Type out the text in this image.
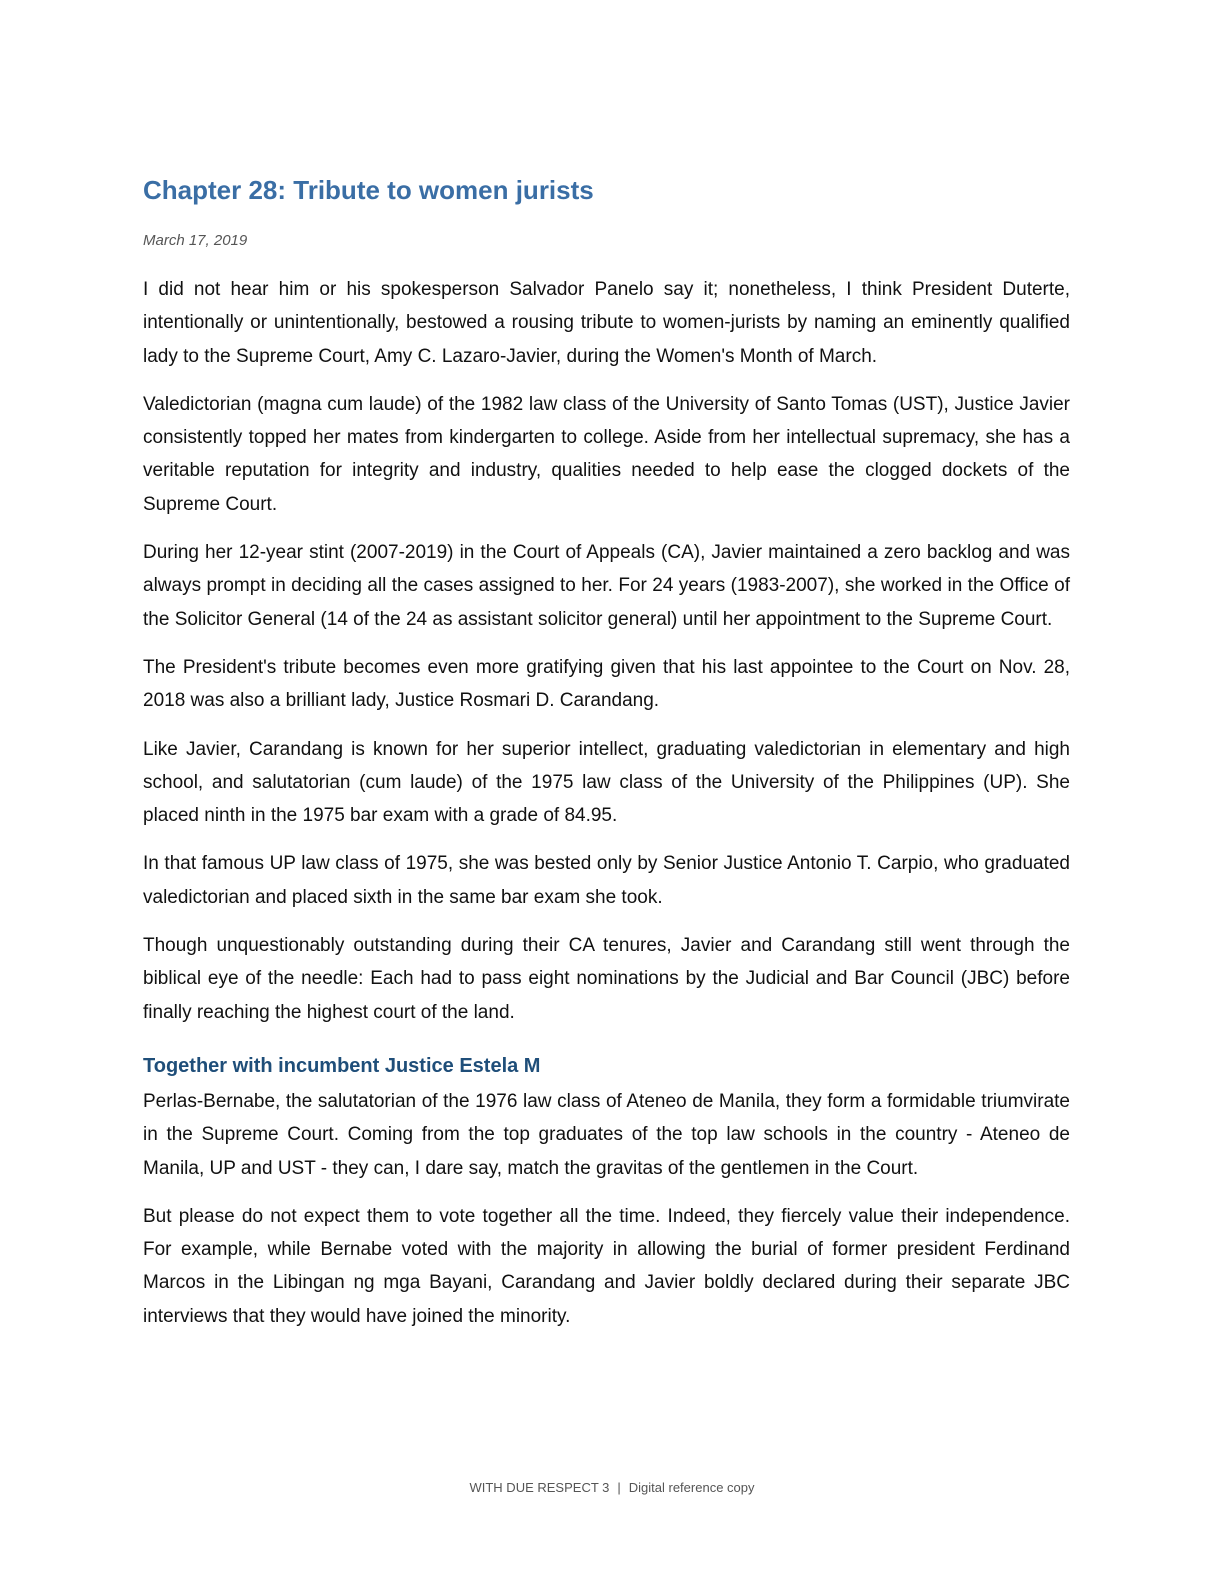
Chapter 28: Tribute to women jurists
March 17, 2019

I did not hear him or his spokesperson Salvador Panelo say it; nonetheless, I think President Duterte, intentionally or unintentionally, bestowed a rousing tribute to women-jurists by naming an eminently qualified lady to the Supreme Court, Amy C. Lazaro-Javier, during the Women's Month of March.

Valedictorian (magna cum laude) of the 1982 law class of the University of Santo Tomas (UST), Justice Javier consistently topped her mates from kindergarten to college. Aside from her intellectual supremacy, she has a veritable reputation for integrity and industry, qualities needed to help ease the clogged dockets of the Supreme Court.

During her 12-year stint (2007-2019) in the Court of Appeals (CA), Javier maintained a zero backlog and was always prompt in deciding all the cases assigned to her. For 24 years (1983-2007), she worked in the Office of the Solicitor General (14 of the 24 as assistant solicitor general) until her appointment to the Supreme Court.

The President's tribute becomes even more gratifying given that his last appointee to the Court on Nov. 28, 2018 was also a brilliant lady, Justice Rosmari D. Carandang.

Like Javier, Carandang is known for her superior intellect, graduating valedictorian in elementary and high school, and salutatorian (cum laude) of the 1975 law class of the University of the Philippines (UP). She placed ninth in the 1975 bar exam with a grade of 84.95.

In that famous UP law class of 1975, she was bested only by Senior Justice Antonio T. Carpio, who graduated valedictorian and placed sixth in the same bar exam she took.

Though unquestionably outstanding during their CA tenures, Javier and Carandang still went through the biblical eye of the needle: Each had to pass eight nominations by the Judicial and Bar Council (JBC) before finally reaching the highest court of the land.

Together with incumbent Justice Estela M

Perlas-Bernabe, the salutatorian of the 1976 law class of Ateneo de Manila, they form a formidable triumvirate in the Supreme Court. Coming from the top graduates of the top law schools in the country - Ateneo de Manila, UP and UST - they can, I dare say, match the gravitas of the gentlemen in the Court.

But please do not expect them to vote together all the time. Indeed, they fiercely value their independence. For example, while Bernabe voted with the majority in allowing the burial of former president Ferdinand Marcos in the Libingan ng mga Bayani, Carandang and Javier boldly declared during their separate JBC interviews that they would have joined the minority.

WITH DUE RESPECT 3 | Digital reference copy
